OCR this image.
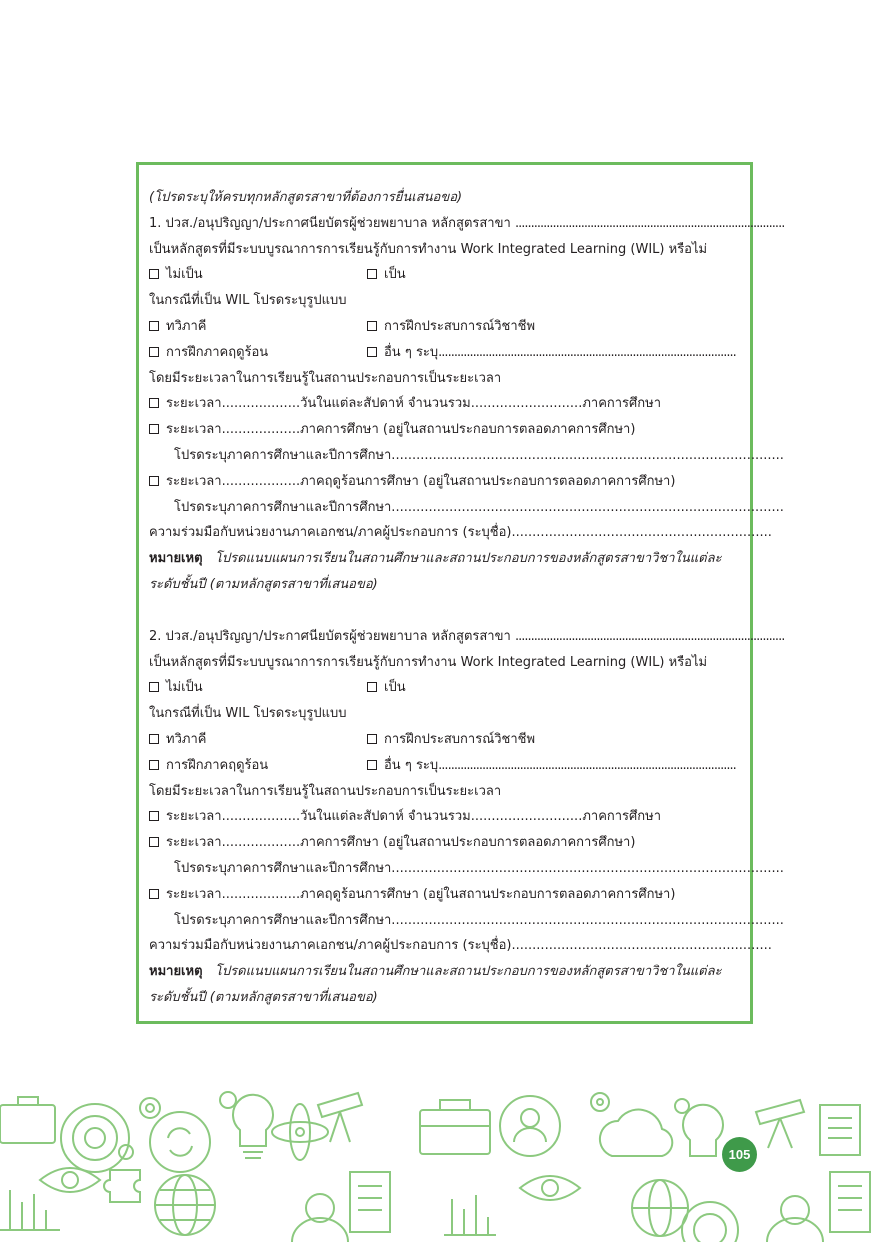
(โปรดระบุให้ครบทุกหลักสูตรสาขาที่ต้องการยื่นเสนอขอ)
1. ปวส./อนุปริญญา/ประกาศนียบัตรผู้ช่วยพยาบาล หลักสูตรสาขา ......................................................................................
เป็นหลักสูตรที่มีระบบบูรณาการการเรียนรู้กับการทำงาน Work Integrated Learning (WIL) หรือไม่
ไม่เป็น	เป็น
ในกรณีที่เป็น WIL โปรดระบุรูปแบบ
ทวิภาคี	การฝึกประสบการณ์วิชาชีพ
การฝึกภาคฤดูร้อน	อื่น ๆ ระบุ...............................................................................................
โดยมีระยะเวลาในการเรียนรู้ในสถานประกอบการเป็นระยะเวลา
ระยะเวลา...................วันในแต่ละสัปดาห์ จำนวนรวม...........................ภาคการศึกษา
ระยะเวลา...................ภาคการศึกษา (อยู่ในสถานประกอบการตลอดภาคการศึกษา)
โปรดระบุภาคการศึกษาและปีการศึกษา...............................................................................................
ระยะเวลา...................ภาคฤดูร้อนการศึกษา (อยู่ในสถานประกอบการตลอดภาคการศึกษา)
โปรดระบุภาคการศึกษาและปีการศึกษา...............................................................................................
ความร่วมมือกับหน่วยงานภาคเอกชน/ภาคผู้ประกอบการ (ระบุชื่อ)...............................................................
หมายเหตุ โปรดแนบแผนการเรียนในสถานศึกษาและสถานประกอบการของหลักสูตรสาขาวิชาในแต่ละ
ระดับชั้นปี (ตามหลักสูตรสาขาที่เสนอขอ)
2. ปวส./อนุปริญญา/ประกาศนียบัตรผู้ช่วยพยาบาล หลักสูตรสาขา ......................................................................................
เป็นหลักสูตรที่มีระบบบูรณาการการเรียนรู้กับการทำงาน Work Integrated Learning (WIL) หรือไม่
ไม่เป็น	เป็น
ในกรณีที่เป็น WIL โปรดระบุรูปแบบ
ทวิภาคี	การฝึกประสบการณ์วิชาชีพ
การฝึกภาคฤดูร้อน	อื่น ๆ ระบุ...............................................................................................
โดยมีระยะเวลาในการเรียนรู้ในสถานประกอบการเป็นระยะเวลา
ระยะเวลา...................วันในแต่ละสัปดาห์ จำนวนรวม...........................ภาคการศึกษา
ระยะเวลา...................ภาคการศึกษา (อยู่ในสถานประกอบการตลอดภาคการศึกษา)
โปรดระบุภาคการศึกษาและปีการศึกษา...............................................................................................
ระยะเวลา...................ภาคฤดูร้อนการศึกษา (อยู่ในสถานประกอบการตลอดภาคการศึกษา)
โปรดระบุภาคการศึกษาและปีการศึกษา...............................................................................................
ความร่วมมือกับหน่วยงานภาคเอกชน/ภาคผู้ประกอบการ (ระบุชื่อ)...............................................................
หมายเหตุ โปรดแนบแผนการเรียนในสถานศึกษาและสถานประกอบการของหลักสูตรสาขาวิชาในแต่ละ
ระดับชั้นปี (ตามหลักสูตรสาขาที่เสนอขอ)
105
